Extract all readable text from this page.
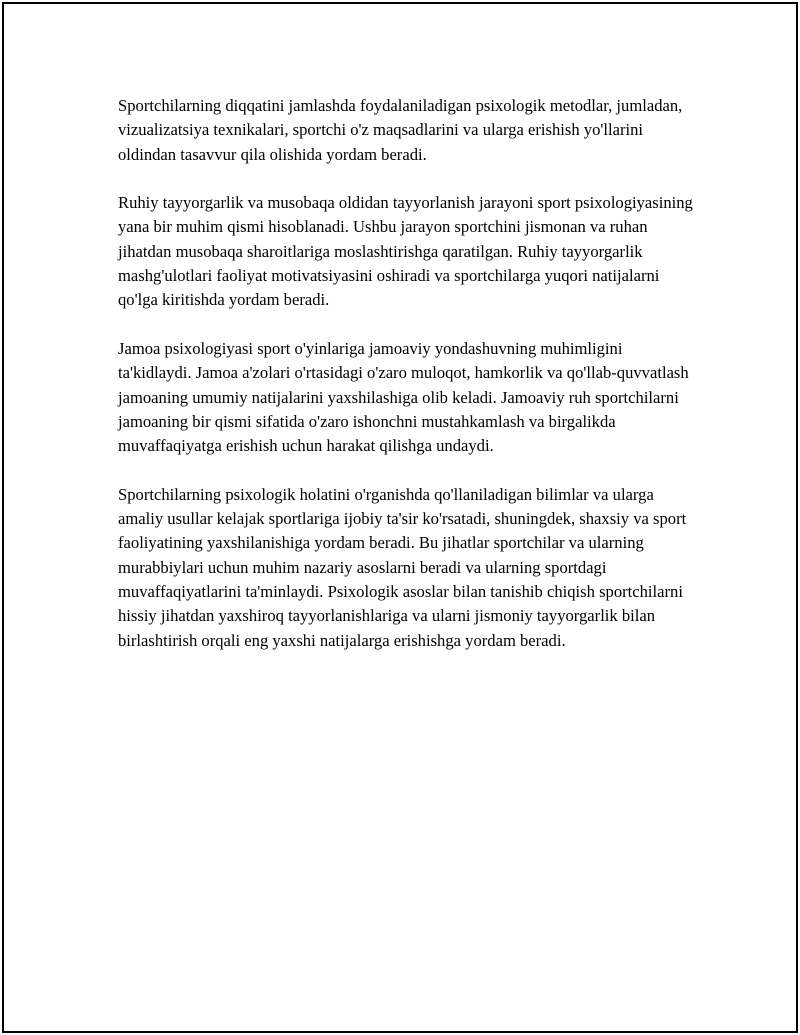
Sportchilarning diqqatini jamlashda foydalaniladigan psixologik metodlar, jumladan, vizualizatsiya texnikalari, sportchi o'z maqsadlarini va ularga erishish yo'llarini oldindan tasavvur qila olishida yordam beradi.

Ruhiy tayyorgarlik va musobaqa oldidan tayyorlanish jarayoni sport psixologiyasining yana bir muhim qismi hisoblanadi. Ushbu jarayon sportchini jismonan va ruhan jihatdan musobaqa sharoitlariga moslashtirishga qaratilgan. Ruhiy tayyorgarlik mashg'ulotlari faoliyat motivatsiyasini oshiradi va sportchilarga yuqori natijalarni qo'lga kiritishda yordam beradi.

Jamoa psixologiyasi sport o'yinlariga jamoaviy yondashuvning muhimligini ta'kidlaydi. Jamoa a'zolari o'rtasidagi o'zaro muloqot, hamkorlik va qo'llab-quvvatlash jamoaning umumiy natijalarini yaxshilashiga olib keladi. Jamoaviy ruh sportchilarni jamoaning bir qismi sifatida o'zaro ishonchni mustahkamlash va birgalikda muvaffaqiyatga erishish uchun harakat qilishga undaydi.

Sportchilarning psixologik holatini o'rganishda qo'llaniladigan bilimlar va ularga amaliy usullar kelajak sportlariga ijobiy ta'sir ko'rsatadi, shuningdek, shaxsiy va sport faoliyatining yaxshilanishiga yordam beradi. Bu jihatlar sportchilar va ularning murabbiylari uchun muhim nazariy asoslarni beradi va ularning sportdagi muvaffaqiyatlarini ta'minlaydi. Psixologik asoslar bilan tanishib chiqish sportchilarni hissiy jihatdan yaxshiroq tayyorlanishlariga va ularni jismoniy tayyorgarlik bilan birlashtirish orqali eng yaxshi natijalarga erishishga yordam beradi.
